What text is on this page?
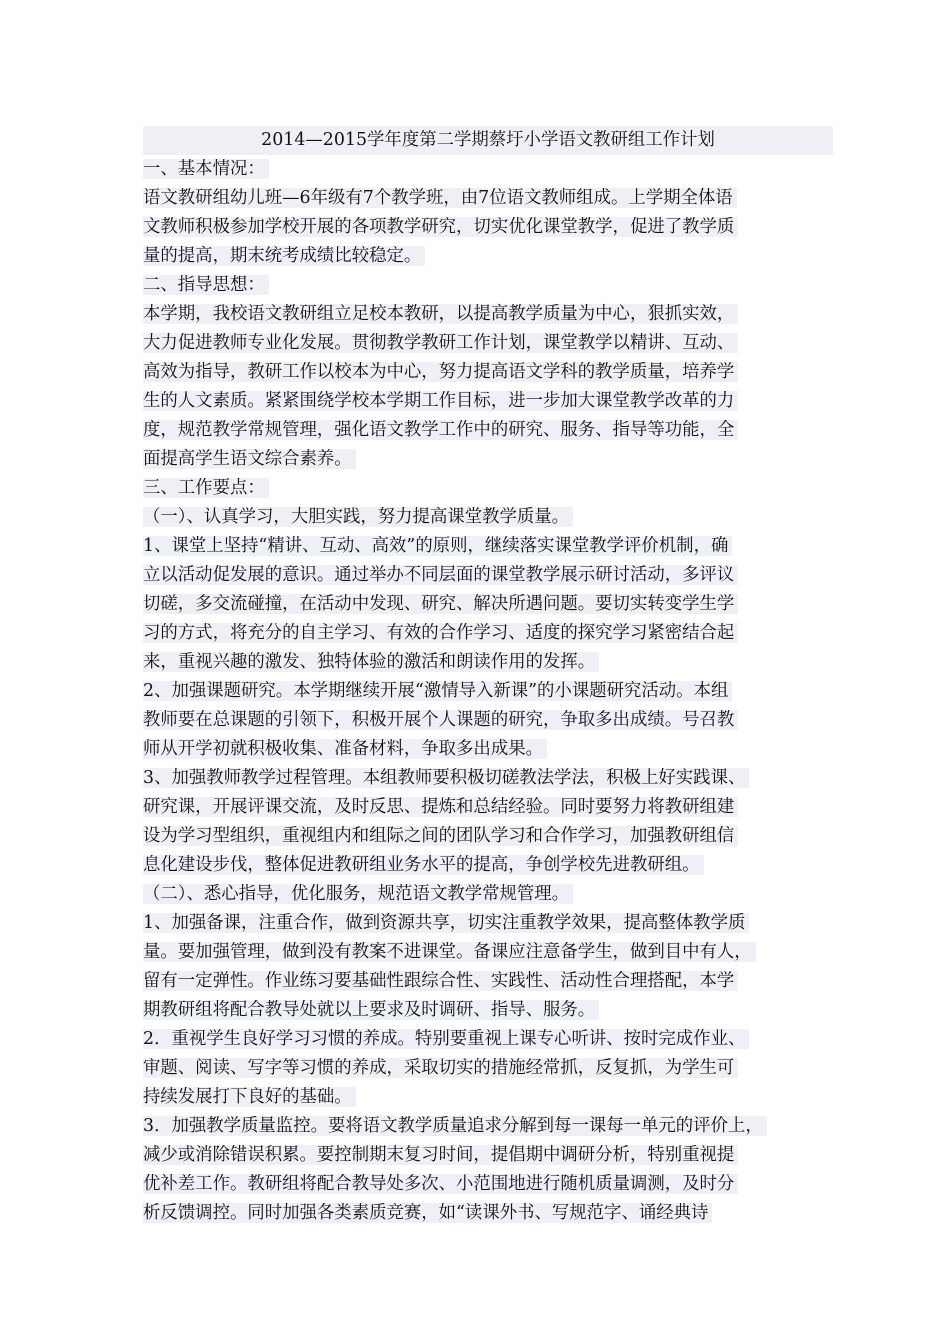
2014—2015学年度第二学期蔡圩小学语文教研组工作计划
一、基本情况：
语文教研组幼儿班—6年级有7个教学班，由7位语文教师组成。上学期全体语
文教师积极参加学校开展的各项教学研究，切实优化课堂教学，促进了教学质
量的提高，期末统考成绩比较稳定。
二、指导思想：
本学期，我校语文教研组立足校本教研，以提高教学质量为中心，狠抓实效，
大力促进教师专业化发展。贯彻教学教研工作计划，课堂教学以精讲、互动、
高效为指导，教研工作以校本为中心，努力提高语文学科的教学质量，培养学
生的人文素质。紧紧围绕学校本学期工作目标，进一步加大课堂教学改革的力
度，规范教学常规管理，强化语文教学工作中的研究、服务、指导等功能，全
面提高学生语文综合素养。
三、工作要点：
（一）、认真学习，大胆实践，努力提高课堂教学质量。
1、课堂上坚持“精讲、互动、高效”的原则，继续落实课堂教学评价机制，确
立以活动促发展的意识。通过举办不同层面的课堂教学展示研讨活动，多评议
切磋，多交流碰撞，在活动中发现、研究、解决所遇问题。要切实转变学生学
习的方式，将充分的自主学习、有效的合作学习、适度的探究学习紧密结合起
来，重视兴趣的激发、独特体验的激活和朗读作用的发挥。
2、加强课题研究。本学期继续开展“激情导入新课”的小课题研究活动。本组
教师要在总课题的引领下，积极开展个人课题的研究，争取多出成绩。号召教
师从开学初就积极收集、准备材料，争取多出成果。
3、加强教师教学过程管理。本组教师要积极切磋教法学法，积极上好实践课、
研究课，开展评课交流，及时反思、提炼和总结经验。同时要努力将教研组建
设为学习型组织，重视组内和组际之间的团队学习和合作学习，加强教研组信
息化建设步伐，整体促进教研组业务水平的提高，争创学校先进教研组。
（二）、悉心指导，优化服务，规范语文教学常规管理。
1、加强备课，注重合作，做到资源共享，切实注重教学效果，提高整体教学质
量。要加强管理，做到没有教案不进课堂。备课应注意备学生，做到目中有人，
留有一定弹性。作业练习要基础性跟综合性、实践性、活动性合理搭配，本学
期教研组将配合教导处就以上要求及时调研、指导、服务。
2．重视学生良好学习习惯的养成。特别要重视上课专心听讲、按时完成作业、
审题、阅读、写字等习惯的养成，采取切实的措施经常抓，反复抓，为学生可
持续发展打下良好的基础。
3．加强教学质量监控。要将语文教学质量追求分解到每一课每一单元的评价上，
减少或消除错误积累。要控制期末复习时间，提倡期中调研分析，特别重视提
优补差工作。教研组将配合教导处多次、小范围地进行随机质量调测，及时分
析反馈调控。同时加强各类素质竞赛，如“读课外书、写规范字、诵经典诗
